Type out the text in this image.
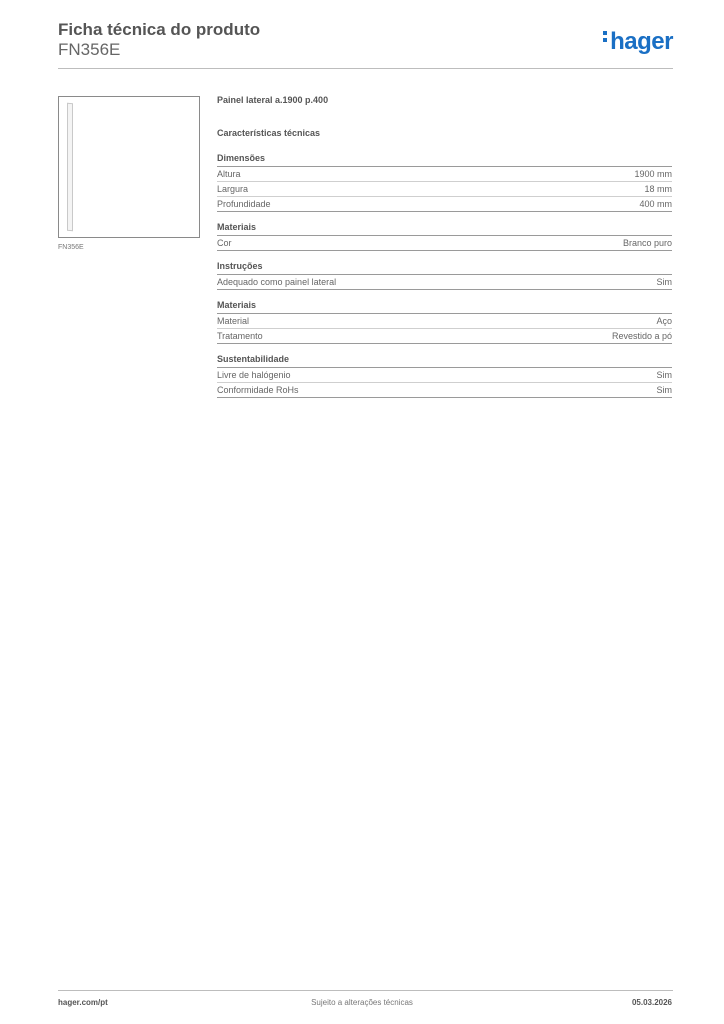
Ficha técnica do produto
FN356E	hager
FN356E
Painel lateral a.1900 p.400
Características técnicas
Dimensões
Altura	1900 mm
Largura	18 mm
Profundidade	400 mm
Materiais
Cor	Branco puro
Instruções
Adequado como painel lateral	Sim
Materiais
Material	Aço
Tratamento	Revestido a pó
Sustentabilidade
Livre de halógenio	Sim
Conformidade RoHs	Sim
hager.com/pt	Sujeito a alterações técnicas	05.03.2026
